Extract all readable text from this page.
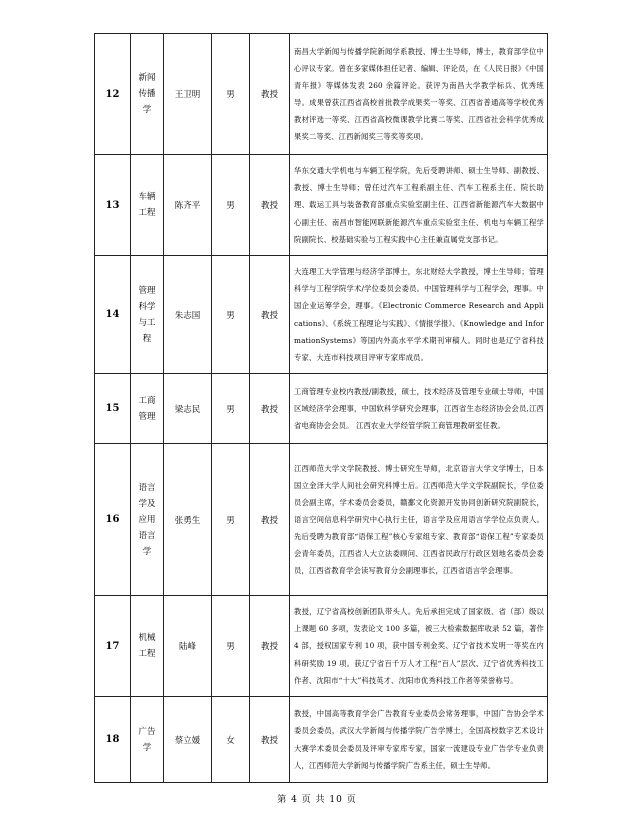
12	新闻传播学	王卫明	男	教授	南昌大学新闻与传播学院新闻学系教授、博士生导师，博士，教育部学位中心评议专家。曾在多家媒体担任记者、编辑、评论员，在《人民日报》《中国青年报》等媒体发表 260 余篇评论。获评为南昌大学教学标兵、优秀班导。成果曾获江西省高校首批教学成果奖一等奖、江西省普通高等学校优秀教材评选一等奖、江西省高校微课教学比赛二等奖、江西省社会科学优秀成果奖二等奖、江西新闻奖三等奖等奖项。
13	车辆工程	陈齐平	男	教授	华东交通大学机电与车辆工程学院，先后受聘讲师、硕士生导师、副教授、教授、博士生导师；曾任过汽车工程系副主任、汽车工程系主任、院长助理、载运工具与装备教育部重点实验室副主任、江西省新能源汽车大数据中心副主任、南昌市智能网联新能源汽车重点实验室主任、机电与车辆工程学院副院长、校基础实验与工程实践中心主任兼直属党支部书记。
14	管理科学与工程	朱志国	男	教授	大连理工大学管理与经济学部博士，东北财经大学教授，博士生导师；管理科学与工程学院学术/学位委员会委员。中国管理科学与工程学会，理事。中国企业运筹学会，理事。《Electronic Commerce Research and Applications》、《系统工程理论与实践》、《情报学报》、《Knowledge and InformationSystems》等国内外高水平学术期刊审稿人。同时也是辽宁省科技专家、大连市科技项目评审专家库成员。
15	工商管理	梁志民	男	教授	工商管理专业校内教授/副教授，硕士，技术经济及管理专业硕士导师，中国区域经济学会理事，中国软科学研究会理事，江西省生态经济协会会员,江西省电商协会会员。 江西农业大学经管学院工商管理教研室任教。
16	语言学及应用语言学	张勇生	男	教授	江西师范大学文学院教授、博士研究生导师，北京语言大学文学博士，日本国立金泽大学人间社会研究科博士后。江西师范大学文学院副院长，学位委员会副主席，学术委员会委员，赣鄱文化资源开发协同创新研究院副院长，语言空间信息科学研究中心执行主任，语言学及应用语言学学位点负责人。先后受聘为教育部“语保工程”核心专家组专家、教育部“语保工程”专家委员会青年委员，江西省人大立法委顾问、江西省民政厅行政区划地名委员会委员，江西省教育学会读写教育分会副理事长，江西省语言学会理事。
17	机械工程	陆峰	男	教授	教授，辽宁省高校创新团队带头人。先后承担完成了国家级、省（部）级以上课题 60 多项，发表论文 100 多篇，被三大检索数据库收录 52 篇，著作 4 部，授权国家专利 10 项，获中国专利金奖、辽宁省技术发明一等奖在内科研奖励 19 项。获辽宁省百千万人才工程“百人”层次、辽宁省优秀科技工作者、沈阳市“十大”科技英才、沈阳市优秀科技工作者等荣誉称号。
18	广告学	蔡立媛	女	教授	教授，中国高等教育学会广告教育专业委员会常务理事，中国广告协会学术委员会委员，武汉大学新闻与传播学院广告学博士，全国高校数字艺术设计大赛学术委员会委员及评审专家库专家，国家一流建设专业广告学专业负责人，江西师范大学新闻与传播学院广告系主任，硕士生导师。
第 4 页 共 10 页
